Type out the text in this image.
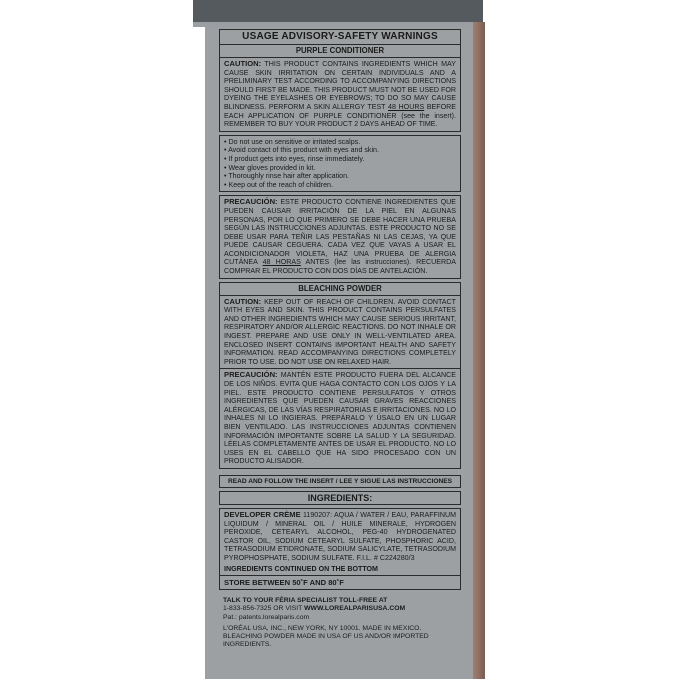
USAGE ADVISORY-SAFETY WARNINGS
PURPLE CONDITIONER
CAUTION: THIS PRODUCT CONTAINS INGREDIENTS WHICH MAY CAUSE SKIN IRRITATION ON CERTAIN INDIVIDUALS AND A PRELIMINARY TEST ACCORDING TO ACCOMPANYING DIRECTIONS SHOULD FIRST BE MADE. THIS PRODUCT MUST NOT BE USED FOR DYEING THE EYELASHES OR EYEBROWS; TO DO SO MAY CAUSE BLINDNESS. PERFORM A SKIN ALLERGY TEST 48 HOURS BEFORE EACH APPLICATION OF PURPLE CONDITIONER (see the insert). REMEMBER TO BUY YOUR PRODUCT 2 DAYS AHEAD OF TIME.
• Do not use on sensitive or irritated scalps.
• Avoid contact of this product with eyes and skin.
• If product gets into eyes, rinse immediately.
• Wear gloves provided in kit.
• Thoroughly rinse hair after application.
• Keep out of the reach of children.
PRECAUCIÓN: ESTE PRODUCTO CONTIENE INGREDIENTES QUE PUEDEN CAUSAR IRRITACIÓN DE LA PIEL EN ALGUNAS PERSONAS, POR LO QUE PRIMERO SE DEBE HACER UNA PRUEBA SEGÚN LAS INSTRUCCIONES ADJUNTAS. ESTE PRODUCTO NO SE DEBE USAR PARA TEÑIR LAS PESTAÑAS NI LAS CEJAS, YA QUE PUEDE CAUSAR CEGUERA. CADA VEZ QUE VAYAS A USAR EL ACONDICIONADOR VIOLETA, HAZ UNA PRUEBA DE ALERGIA CUTÁNEA 48 HORAS ANTES (lee las instrucciones). RECUERDA COMPRAR EL PRODUCTO CON DOS DÍAS DE ANTELACIÓN.
BLEACHING POWDER
CAUTION: KEEP OUT OF REACH OF CHILDREN. AVOID CONTACT WITH EYES AND SKIN. THIS PRODUCT CONTAINS PERSULFATES AND OTHER INGREDIENTS WHICH MAY CAUSE SERIOUS IRRITANT, RESPIRATORY AND/OR ALLERGIC REACTIONS. DO NOT INHALE OR INGEST. PREPARE AND USE ONLY IN WELL-VENTILATED AREA. ENCLOSED INSERT CONTAINS IMPORTANT HEALTH AND SAFETY INFORMATION. READ ACCOMPANYING DIRECTIONS COMPLETELY PRIOR TO USE. DO NOT USE ON RELAXED HAIR.
PRECAUCIÓN: MANTÉN ESTE PRODUCTO FUERA DEL ALCANCE DE LOS NIÑOS. EVITA QUE HAGA CONTACTO CON LOS OJOS Y LA PIEL. ESTE PRODUCTO CONTIENE PERSULFATOS Y OTROS INGREDIENTES QUE PUEDEN CAUSAR GRAVES REACCIONES ALÉRGICAS, DE LAS VÍAS RESPIRATORIAS E IRRITACIONES. NO LO INHALES NI LO INGIERAS. PREPÁRALO Y ÚSALO EN UN LUGAR BIEN VENTILADO. LAS INSTRUCCIONES ADJUNTAS CONTIENEN INFORMACIÓN IMPORTANTE SOBRE LA SALUD Y LA SEGURIDAD. LÉELAS COMPLETAMENTE ANTES DE USAR EL PRODUCTO. NO LO USES EN EL CABELLO QUE HA SIDO PROCESADO CON UN PRODUCTO ALISADOR.
READ AND FOLLOW THE INSERT / LEE Y SIGUE LAS INSTRUCCIONES
INGREDIENTS:
DEVELOPER CRÈME 1190207: AQUA / WATER / EAU, PARAFFINUM LIQUIDUM / MINERAL OIL / HUILE MINERALE, HYDROGEN PEROXIDE, CETEARYL ALCOHOL, PEG-40 HYDROGENATED CASTOR OIL, SODIUM CETEARYL SULFATE, PHOSPHORIC ACID, TETRASODIUM ETIDRONATE, SODIUM SALICYLATE, TETRASODIUM PYROPHOSPHATE, SODIUM SULFATE. F.I.L. # C224280/3
INGREDIENTS CONTINUED ON THE BOTTOM
STORE BETWEEN 50˚F AND 80˚F
TALK TO YOUR FÉRIA SPECIALIST TOLL-FREE AT
1-833-856-7325 OR VISIT WWW.LOREALPARISUSA.COM
Pat.: patents.lorealparis.com
L'ORÉAL USA, INC., NEW YORK, NY 10001. MADE IN MEXICO. BLEACHING POWDER MADE IN USA OF US AND/OR IMPORTED INGREDIENTS.
